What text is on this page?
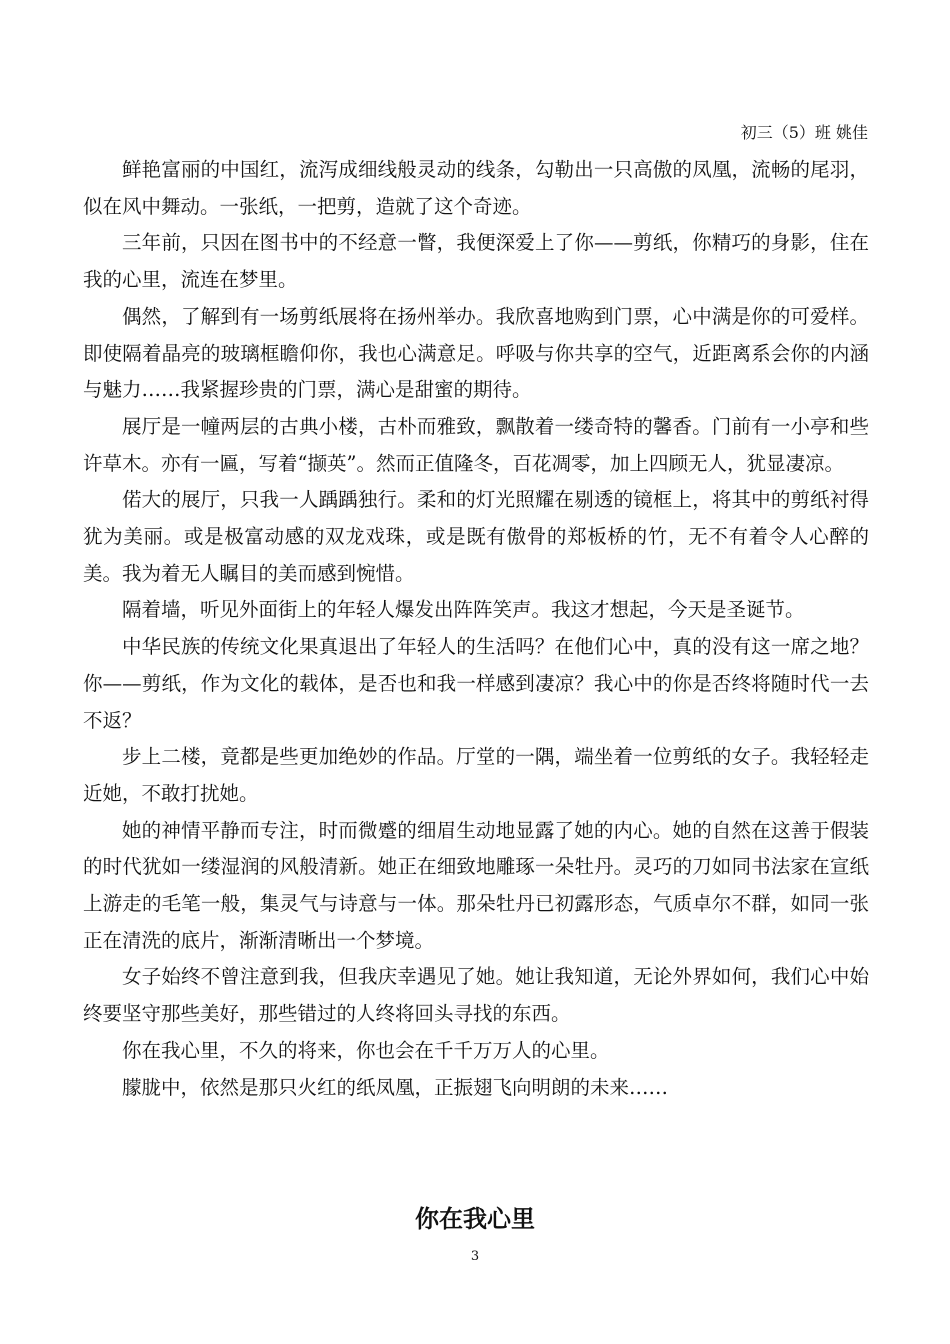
初三（5）班 姚佳

鲜艳富丽的中国红，流泻成细线般灵动的线条，勾勒出一只高傲的凤凰，流畅的尾羽，似在风中舞动。一张纸，一把剪，造就了这个奇迹。

三年前，只因在图书中的不经意一瞥，我便深爱上了你——剪纸，你精巧的身影，住在我的心里，流连在梦里。

偶然，了解到有一场剪纸展将在扬州举办。我欣喜地购到门票，心中满是你的可爱样。即使隔着晶亮的玻璃框瞻仰你，我也心满意足。呼吸与你共享的空气，近距离系会你的内涵与魅力……我紧握珍贵的门票，满心是甜蜜的期待。

展厅是一幢两层的古典小楼，古朴而雅致，飘散着一缕奇特的馨香。门前有一小亭和些许草木。亦有一匾，写着“撷英”。然而正值隆冬，百花凋零，加上四顾无人，犹显凄凉。

偌大的展厅，只我一人踽踽独行。柔和的灯光照耀在剔透的镜框上，将其中的剪纸衬得犹为美丽。或是极富动感的双龙戏珠，或是既有傲骨的郑板桥的竹，无不有着令人心醉的美。我为着无人瞩目的美而感到惋惜。

隔着墙，听见外面街上的年轻人爆发出阵阵笑声。我这才想起，今天是圣诞节。

中华民族的传统文化果真退出了年轻人的生活吗？在他们心中，真的没有这一席之地？你——剪纸，作为文化的载体，是否也和我一样感到凄凉？我心中的你是否终将随时代一去不返？

步上二楼，竟都是些更加绝妙的作品。厅堂的一隅，端坐着一位剪纸的女子。我轻轻走近她，不敢打扰她。

她的神情平静而专注，时而微蹙的细眉生动地显露了她的内心。她的自然在这善于假装的时代犹如一缕湿润的风般清新。她正在细致地雕琢一朵牡丹。灵巧的刀如同书法家在宣纸上游走的毛笔一般，集灵气与诗意与一体。那朵牡丹已初露形态，气质卓尔不群，如同一张正在清洗的底片，渐渐清晰出一个梦境。

女子始终不曾注意到我，但我庆幸遇见了她。她让我知道，无论外界如何，我们心中始终要坚守那些美好，那些错过的人终将回头寻找的东西。

你在我心里，不久的将来，你也会在千千万万人的心里。

朦胧中，依然是那只火红的纸凤凰，正振翅飞向明朗的未来……

你在我心里
3
